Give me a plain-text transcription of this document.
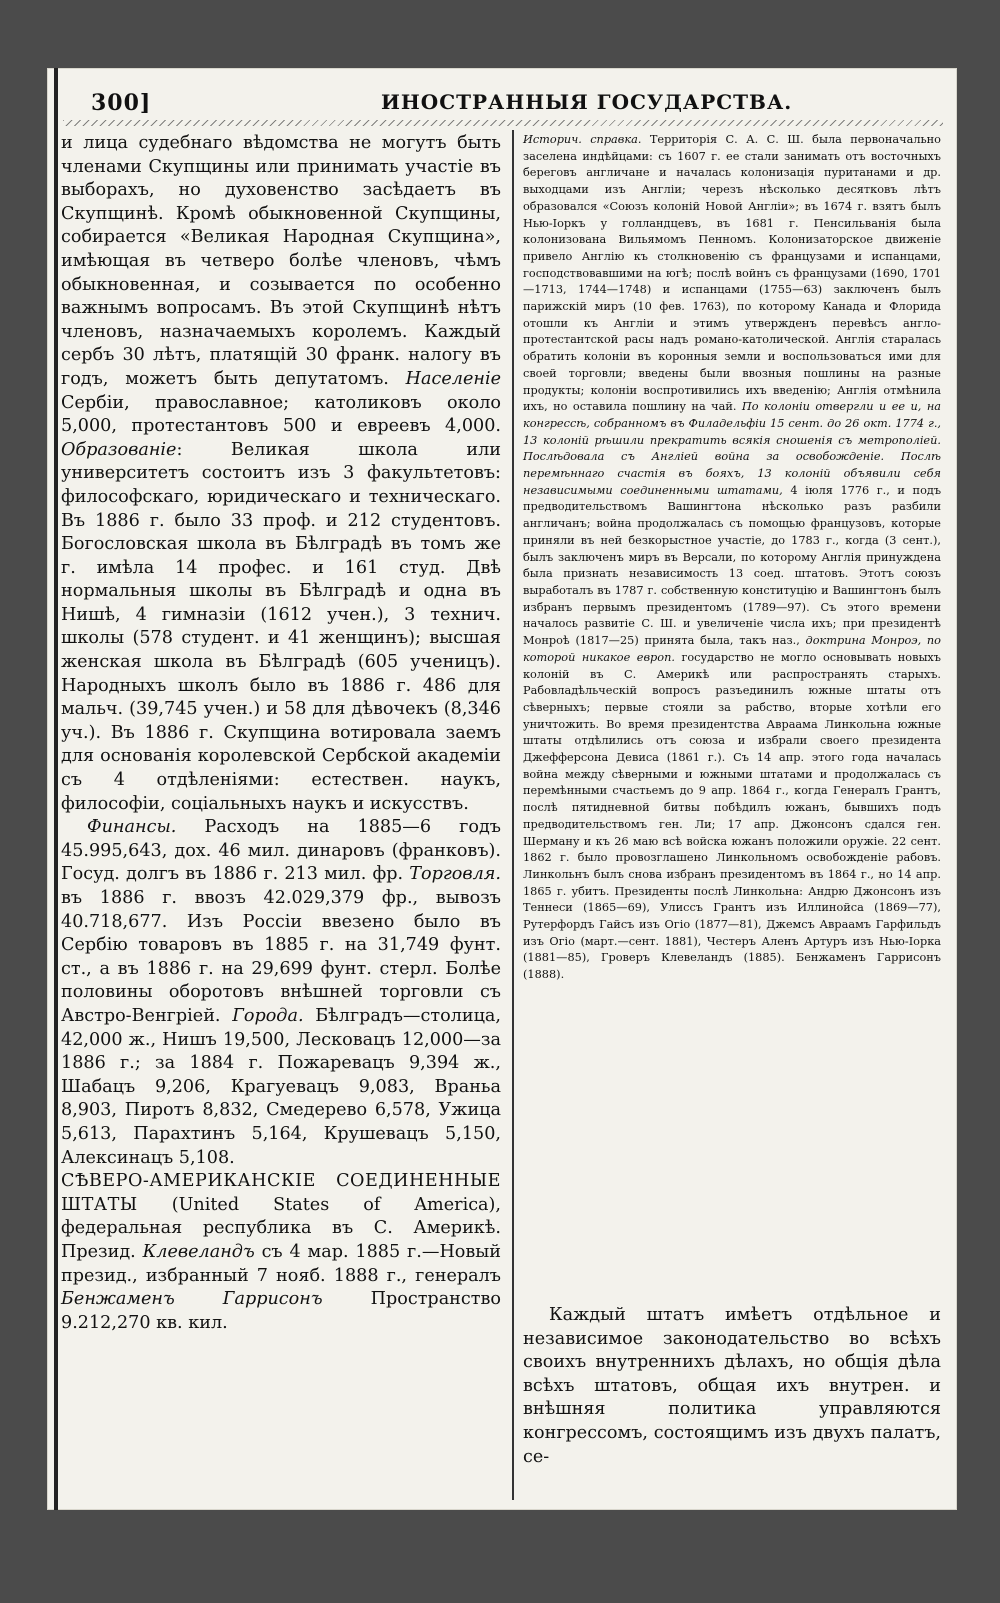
300]	ИНОСТРАННЫЯ ГОСУДАРСТВА.

и лица судебнаго вѣдомства не могутъ быть членами Скупщины или принимать участіе въ выборахъ, но духовенство засѣдаетъ въ Скупщинѣ. Кромѣ обыкновенной Скупщины, собирается «Великая Народная Скупщина», имѣющая въ четверо болѣе членовъ, чѣмъ обыкновенная, и созывается по особенно важнымъ вопросамъ. Въ этой Скупщинѣ нѣтъ членовъ, назначаемыхъ королемъ. Каждый сербъ 30 лѣтъ, платящій 30 франк. налогу въ годъ, можетъ быть депутатомъ. Населеніе Сербіи, православное; католиковъ около 5,000, протестантовъ 500 и евреевъ 4,000. Образованіе: Великая школа или университетъ состоитъ изъ 3 факультетовъ: философскаго, юридическаго и техническаго. Въ 1886 г. было 33 проф. и 212 студентовъ. Богословская школа въ Бѣлградѣ въ томъ же г. имѣла 14 профес. и 161 студ. Двѣ нормальныя школы въ Бѣлградѣ и одна въ Нишѣ, 4 гимназіи (1612 учен.), 3 технич. школы (578 студент. и 41 женщинъ); высшая женская школа въ Бѣлградѣ (605 ученицъ). Народныхъ школъ было въ 1886 г. 486 для мальч. (39,745 учен.) и 58 для дѣвочекъ (8,346 уч.). Въ 1886 г. Скупщина вотировала заемъ для основанія королевской Сербской академіи съ 4 отдѣленіями: естествен. наукъ, философіи, соціальныхъ наукъ и искусствъ.

Финансы. Расходъ на 1885—6 годъ 45.995,643, дох. 46 мил. динаровъ (франковъ). Госуд. долгъ въ 1886 г. 213 мил. фр. Торговля. въ 1886 г. ввозъ 42.029,379 фр., вывозъ 40.718,677. Изъ Россіи ввезено было въ Сербію товаровъ въ 1885 г. на 31,749 фунт. ст., а въ 1886 г. на 29,699 фунт. стерл. Болѣе половины оборотовъ внѣшней торговли съ Австро-Венгріей. Города. Бѣлградъ—столица, 42,000 ж., Нишъ 19,500, Лесковацъ 12,000—за 1886 г.; за 1884 г. Пожаревацъ 9,394 ж., Шабацъ 9,206, Крагуевацъ 9,083, Враньа 8,903, Пиротъ 8,832, Смедерево 6,578, Ужица 5,613, Парахтинъ 5,164, Крушевацъ 5,150, Алексинацъ 5,108.

СѢВЕРО-АМЕРИКАНСКІЕ СОЕДИНЕННЫЕ ШТАТЫ (United States of America), федеральная республика въ С. Америкѣ. Презид. Клевеландъ съ 4 мар. 1885 г.—Новый презид., избранный 7 нояб. 1888 г., генералъ Бенжаменъ Гаррисонъ	Пространство 9.212,270 кв. кил.

Историч. справка. Территорія С. А. С. Ш. была первоначально заселена индѣйцами: съ 1607 г. ее стали занимать отъ восточныхъ береговъ англичане и началась колонизація пуританами и др. выходцами изъ Англіи; черезъ нѣсколько десятковъ лѣтъ образовался «Союзъ колоній Новой Англіи»; въ 1674 г. взятъ былъ Нью-Іоркъ у голландцевъ, въ 1681 г. Пенсильванія была колонизована Вильямомъ Пенномъ. Колонизаторское движеніе привело Англію къ столкновенію съ французами и испанцами, господствовавшими на югѣ; послѣ войнъ съ французами (1690, 1701—1713, 1744—1748) и испанцами (1755—63) заключенъ былъ парижскій миръ (10 фев. 1763), по которому Канада и Флорида отошли къ Англіи и этимъ утвержденъ перевѣсъ англо-протестантской расы надъ романо-католической. Англія старалась обратить колоніи въ коронныя земли и воспользоваться ими для своей торговли; введены были ввозныя пошлины на разные продукты; колоніи воспротивились ихъ введенію; Англія отмѣнила ихъ, но оставила пошлину на чай. По колоніи отвергли и ее и, на конгрессѣ, собранномъ въ Филадельфіи 15 сент. до 26 окт. 1774 г., 13 колоній рѣшили прекратить всякія сношенія съ метрополіей. Послѣдовала съ Англіей война за освобожденіе. Послѣ перемѣннаго счастія въ бояхъ, 13 колоній объявили себя независимыми соединенными штатами, 4 іюля 1776 г., и подъ предводительствомъ Вашингтона нѣсколько разъ разбили англичанъ; война продолжалась съ помощью французовъ, которые приняли въ ней безкорыстное участіе, до 1783 г., когда (3 сент.), былъ заключенъ миръ въ Версали, по которому Англія принуждена была признать независимость 13 соед. штатовъ. Этотъ союзъ выработалъ въ 1787 г. собственную конституцію и Вашингтонъ былъ избранъ первымъ президентомъ (1789—97). Съ этого времени началось развитіе С. Ш. и увеличеніе числа ихъ; при президентѣ Монроѣ (1817—25) принята была, такъ наз., доктрина Монроэ, по которой никакое европ. государство не могло основывать новыхъ колоній въ С. Америкѣ или распространять старыхъ. Рабовладѣльческій вопросъ разъединилъ южные штаты отъ сѣверныхъ; первые стояли за рабство, вторые хотѣли его уничтожить. Во время президентства Авраама Линкольна южные штаты отдѣлились отъ союза и избрали своего президента Джефферсона Девиса (1861 г.). Съ 14 апр. этого года началась война между сѣверными и южными штатами и продолжалась съ перемѣнными счастьемъ до 9 апр. 1864 г., когда Генералъ Грантъ, послѣ пятидневной битвы побѣдилъ южанъ, бывшихъ подъ предводительствомъ ген. Ли; 17 апр. Джонсонъ сдался ген. Шерману и къ 26 маю всѣ войска южанъ положили оружіе. 22 сент. 1862 г. было провозглашено Линкольномъ освобожденіе рабовъ. Линкольнъ былъ снова избранъ президентомъ въ 1864 г., но 14 апр. 1865 г. убитъ. Президенты послѣ Линкольна: Андрю Джонсонъ изъ Теннеси (1865—69), Улиссъ Грантъ изъ Иллинойса (1869—77), Рутерфордъ Гайсъ изъ Огіо (1877—81), Джемсъ Авраамъ Гарфильдъ изъ Огіо (март.—сент. 1881), Честеръ Аленъ Артуръ изъ Нью-Іорка (1881—85), Гроверъ Клевеландъ (1885). Бенжаменъ Гаррисонъ (1888).

Каждый штатъ имѣетъ отдѣльное и независимое законодательство во всѣхъ своихъ внутреннихъ дѣлахъ, но общія дѣла всѣхъ штатовъ, общая ихъ внутрен. и внѣшняя политика управляются конгрессомъ, состоящимъ изъ двухъ палатъ, се-
